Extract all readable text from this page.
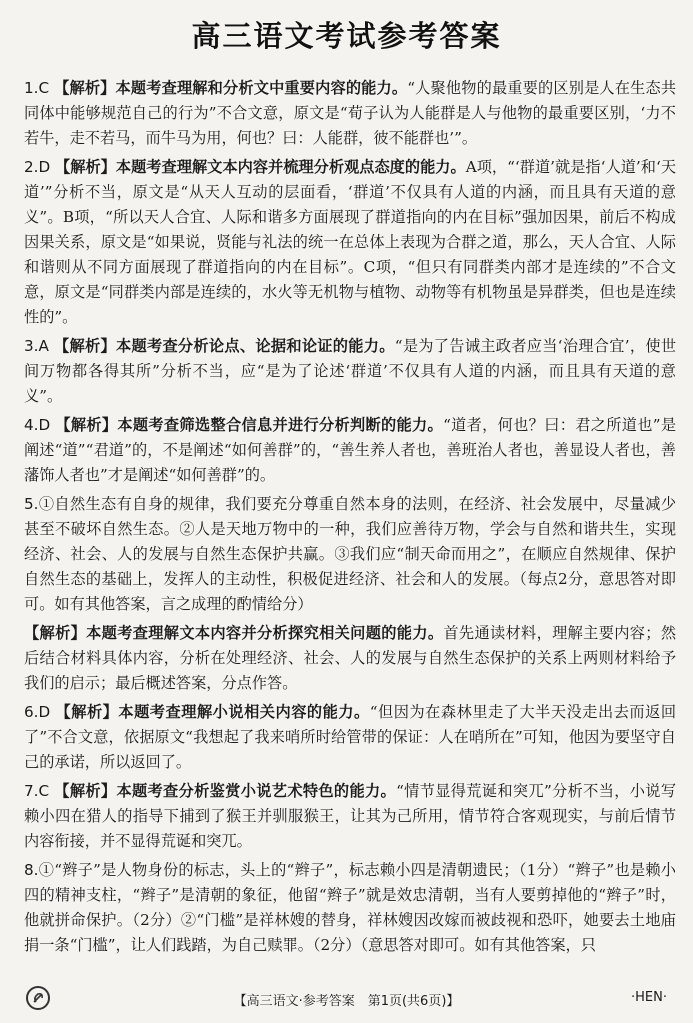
高三语文考试参考答案
1.C 【解析】本题考查理解和分析文中重要内容的能力。“人聚他物的最重要的区别是人在生态共同体中能够规范自己的行为”不合文意，原文是“荀子认为人能群是人与他物的最重要区别，‘力不若牛，走不若马，而牛马为用，何也？曰：人能群，彼不能群也’”。
2.D 【解析】本题考查理解文本内容并梳理分析观点态度的能力。A项，“‘群道’就是指‘人道’和‘天道’”分析不当，原文是“从天人互动的层面看，‘群道’不仅具有人道的内涵，而且具有天道的意义”。B项，“所以天人合宜、人际和谐多方面展现了群道指向的内在目标”强加因果，前后不构成因果关系，原文是“如果说，贤能与礼法的统一在总体上表现为合群之道，那么，天人合宜、人际和谐则从不同方面展现了群道指向的内在目标”。C项，“但只有同群类内部才是连续的”不合文意，原文是“同群类内部是连续的，水火等无机物与植物、动物等有机物虽是异群类，但也是连续性的”。
3.A 【解析】本题考查分析论点、论据和论证的能力。“是为了告诫主政者应当‘治理合宜’，使世间万物都各得其所”分析不当，应“是为了论述‘群道’不仅具有人道的内涵，而且具有天道的意义”。
4.D 【解析】本题考查筛选整合信息并进行分析判断的能力。“道者，何也？曰：君之所道也”是阐述“道”“君道”的，不是阐述“如何善群”的，“善生养人者也，善班治人者也，善显设人者也，善藩饰人者也”才是阐述“如何善群”的。
5.①自然生态有自身的规律，我们要充分尊重自然本身的法则，在经济、社会发展中，尽量减少甚至不破坏自然生态。②人是天地万物中的一种，我们应善待万物，学会与自然和谐共生，实现经济、社会、人的发展与自然生态保护共赢。③我们应“制天命而用之”，在顺应自然规律、保护自然生态的基础上，发挥人的主动性，积极促进经济、社会和人的发展。（每点2分，意思答对即可。如有其他答案，言之成理的酌情给分）
【解析】本题考查理解文本内容并分析探究相关问题的能力。首先通读材料，理解主要内容；然后结合材料具体内容，分析在处理经济、社会、人的发展与自然生态保护的关系上两则材料给予我们的启示；最后概述答案，分点作答。
6.D 【解析】本题考查理解小说相关内容的能力。“但因为在森林里走了大半天没走出去而返回了”不合文意，依据原文“我想起了我来哨所时给管带的保证：人在哨所在”可知，他因为要坚守自己的承诺，所以返回了。
7.C 【解析】本题考查分析鉴赏小说艺术特色的能力。“情节显得荒诞和突兀”分析不当，小说写赖小四在猎人的指导下捕到了猴王并驯服猴王，让其为己所用，情节符合客观现实，与前后情节内容衔接，并不显得荒诞和突兀。
8.①“辫子”是人物身份的标志，头上的“辫子”，标志赖小四是清朝遗民；（1分）“辫子”也是赖小四的精神支柱，“辫子”是清朝的象征，他留“辫子”就是效忠清朝，当有人要剪掉他的“辫子”时，他就拼命保护。（2分）②“门槛”是祥林嫂的替身，祥林嫂因改嫁而被歧视和恐吓，她要去土地庙捐一条“门槛”，让人们践踏，为自己赎罪。（2分）（意思答对即可。如有其他答案，只
【高三语文·参考答案　第1页(共6页)】	·HEN·
